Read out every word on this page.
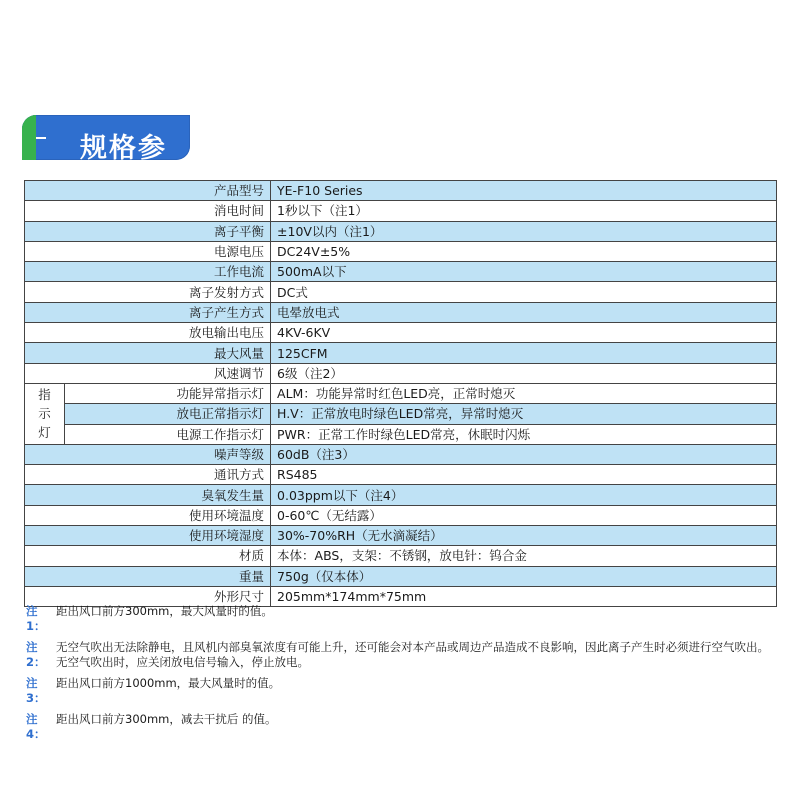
规格参
产品型号		YE-F10 Series
消电时间		1秒以下（注1）
离子平衡		±10V以内（注1）
电源电压		DC24V±5%
工作电流		500mA以下
离子发射方式		DC式
离子产生方式		电晕放电式
放电输出电压		4KV-6KV
最大风量		125CFM
风速调节		6级（注2）

指
示
灯	功能异常指示灯	ALM：功能异常时红色LED亮，正常时熄灭
	放电正常指示灯	H.V：正常放电时绿色LED常亮，异常时熄灭
	电源工作指示灯	PWR：正常工作时绿色LED常亮，休眠时闪烁
噪声等级		60dB（注3）
通讯方式		RS485
臭氧发生量		0.03ppm以下（注4）
使用环境温度		0-60℃（无结露）
使用环境湿度		30%-70%RH（无水滴凝结）
材质		本体：ABS，支架：不锈钢，放电针：钨合金
重量		750g（仅本体）
外形尺寸		205mm*174mm*75mm
注1：
距出风口前方300mm，最大风量时的值。
注2：
无空气吹出无法除静电，且风机内部臭氧浓度有可能上升，还可能会对本产品或周边产品造成不良影响，因此离子产生时必须进行空气吹出。
无空气吹出时，应关闭放电信号输入，停止放电。
注3：
距出风口前方1000mm，最大风量时的值。
注4：
距出风口前方300mm，减去干扰后 的值。
